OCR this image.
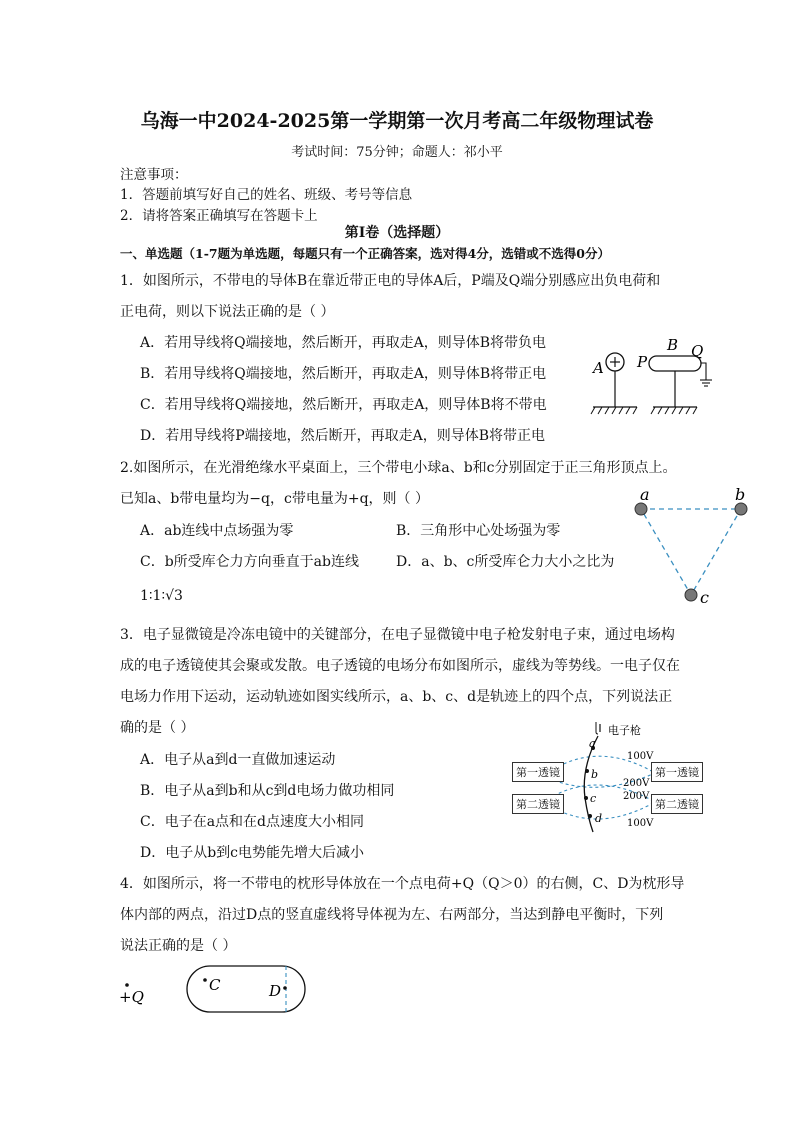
乌海一中2024-2025第一学期第一次月考高二年级物理试卷
考试时间：75分钟；命题人：祁小平
注意事项：
1．答题前填写好自己的姓名、班级、考号等信息
2．请将答案正确填写在答题卡上
第I卷（选择题）
一、单选题（1-7题为单选题，每题只有一个正确答案，选对得4分，选错或不选得0分）
1．如图所示，不带电的导体B在靠近带正电的导体A后，P端及Q端分别感应出负电荷和
正电荷，则以下说法正确的是（ ）
A．若用导线将Q端接地，然后断开，再取走A，则导体B将带负电
B．若用导线将Q端接地，然后断开，再取走A，则导体B将带正电
C．若用导线将Q端接地，然后断开，再取走A，则导体B将不带电
D．若用导线将P端接地，然后断开，再取走A，则导体B将带正电
A P
B Q
2.如图所示，在光滑绝缘水平桌面上，三个带电小球a、b和c分别固定于正三角形顶点上。
已知a、b带电量均为−q，c带电量为+q，则（ ）
A．ab连线中点场强为零	B．三角形中心处场强为零
C．b所受库仑力方向垂直于ab连线	D．a、b、c所受库仑力大小之比为
1∶1∶√3
a	b
c
3．电子显微镜是冷冻电镜中的关键部分，在电子显微镜中电子枪发射电子束，通过电场构
成的电子透镜使其会聚或发散。电子透镜的电场分布如图所示，虚线为等势线。一电子仅在
电场力作用下运动，运动轨迹如图实线所示，a、b、c、d是轨迹上的四个点，下列说法正
确的是（ ）
A．电子从a到d一直做加速运动
B．电子从a到b和从c到d电场力做功相同
C．电子在a点和在d点速度大小相同
D．电子从b到c电势能先增大后减小
a
b
c
d
电子枪
100V
200V
200V
100V
第一透镜	第一透镜
第二透镜	第二透镜
4．如图所示，将一不带电的枕形导体放在一个点电荷+Q（Q＞0）的右侧，C、D为枕形导
体内部的两点，沿过D点的竖直虚线将导体视为左、右两部分，当达到静电平衡时，下列
说法正确的是（ ）
+Q
C	D
